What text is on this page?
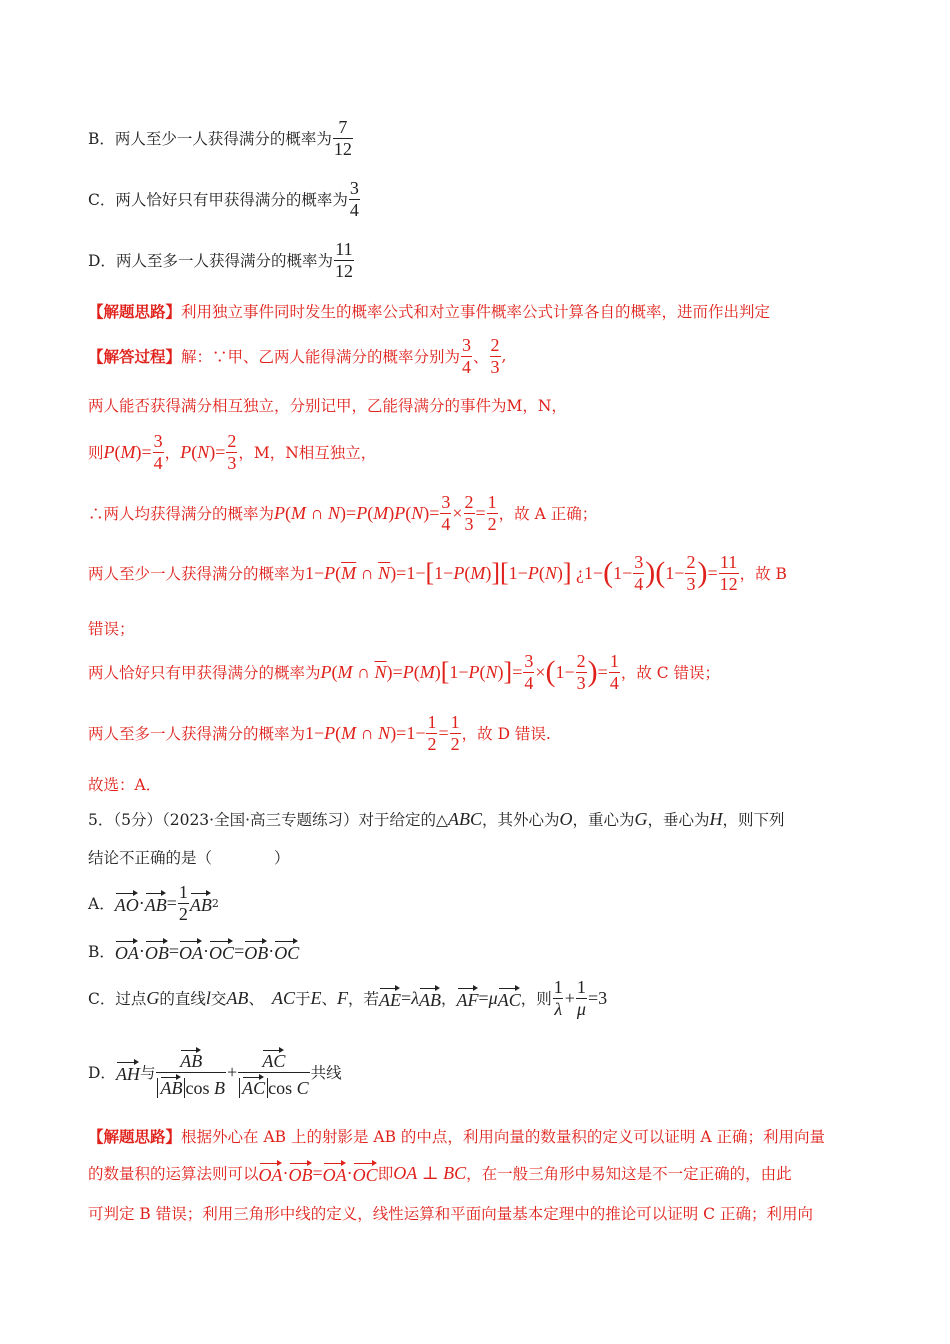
B． 两人至少一人获得满分的概率为 $\frac{7}{12}$
C． 两人恰好只有甲获得满分的概率为 $\frac{3}{4}$
D． 两人至多一人获得满分的概率为 $\frac{11}{12}$
【解题思路】 利用独立事件同时发生的概率公式和对立事件概率公式计算各自的概率，进而作出判定
【解答过程】 解：∵甲、乙两人能得满分的概率分别为 $\frac{3}{4}$ 、 $\frac{2}{3}$ ,
两人能否获得满分相互独立，分别记甲，乙能得满分的事件为M，N，
则 P ( M )= $\frac{3}{4}$ ， P ( N )= $\frac{2}{3}$ ， M，N相互独立，
∴两人均获得满分的概率为 P ( M ∩ N )= P ( M ) P ( N )= $\frac{3}{4} \times \frac{2}{3} = \frac{1}{2}$ ，故 A 正确；
两人至少一人获得满分的概率为 1− P ( $\overline{M}$ ∩ $\overline{N}$ )=1− [ 1− P ( M ) ] [ 1− P ( N ) ] ¿1− ( $1- \frac{3}{4}$ )( $1- \frac{2}{3}$ ) = $\frac{11}{12}$ ，故 B
错误；
两人恰好只有甲获得满分的概率为 P ( M ∩ $\overline{N}$ )= P ( M ) [ 1− P ( N ) ] = $\frac{3}{4}$ × ( $1- \frac{2}{3}$ ) = $\frac{1}{4}$ ，故 C 错误；
两人至多一人获得满分的概率为 1− P ( M ∩ N )$=1- \frac{1}{2} = \frac{1}{2}$ ，故 D 错误.
故选：A．
5．（5分）（2023·全国·高三专题练习）对于给定的△ ABC ，其外心为 O ，重心为 G ，垂心为 H ，则下列
结论不正确的是（　　　　）
A． AO · AB = $\frac{1}{2}$ AB 2
B． OA · OB = OA · OC = OB · OC
C． 过点 G 的直线 l 交 AB 、 AC 于 E 、 F ， 若 AE = λ AB ， AF = μ AC ， 则 $\frac{1}{\lambda} + \frac{1}{\mu} =3$
D． AH 与 $\frac{AB}{\text{AB cos B}} + \frac{AC}{\text{AC cos C}}$ 共线
【解题思路】 根据外心在 AB 上的射影是 AB 的中点，利用向量的数量积的定义可以证明 A 正确；利用向量
的数量积的运算法则可以 OA · OB = OA · OC 即 OA ⊥ BC ，在一般三角形中易知这是不一定正确的，由此
可判定 B 错误；利用三角形中线的定义，线性运算和平面向量基本定理中的推论可以证明 C 正确；利用向
